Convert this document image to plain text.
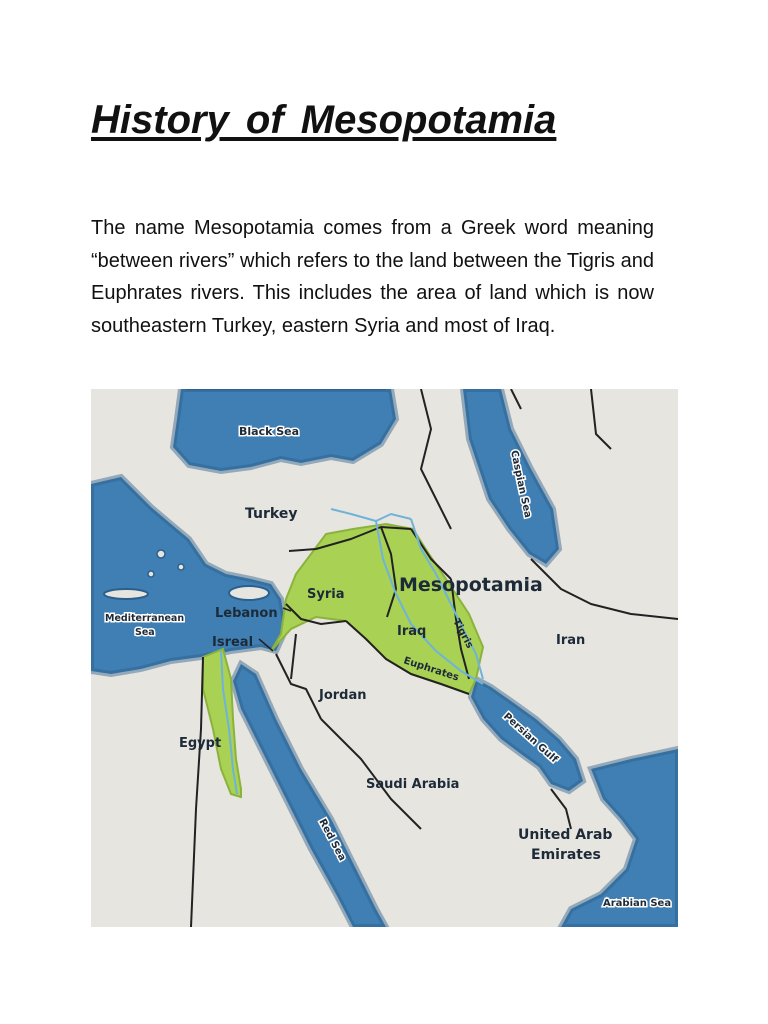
History of Mesopotamia

The name Mesopotamia comes from a Greek word meaning “between rivers” which refers to the land between the Tigris and Euphrates rivers. This includes the area of land which is now southeastern Turkey, eastern Syria and most of Iraq.

Black Sea
Caspian Sea
Mediterranean
Sea
Red Sea
Persian Gulf
Arabian Sea
Turkey
Syria
Lebanon
Isreal
Iraq
Iran
Jordan
Egypt
Saudi Arabia
United Arab
Emirates
Mesopotamia
Tigris
Euphrates
